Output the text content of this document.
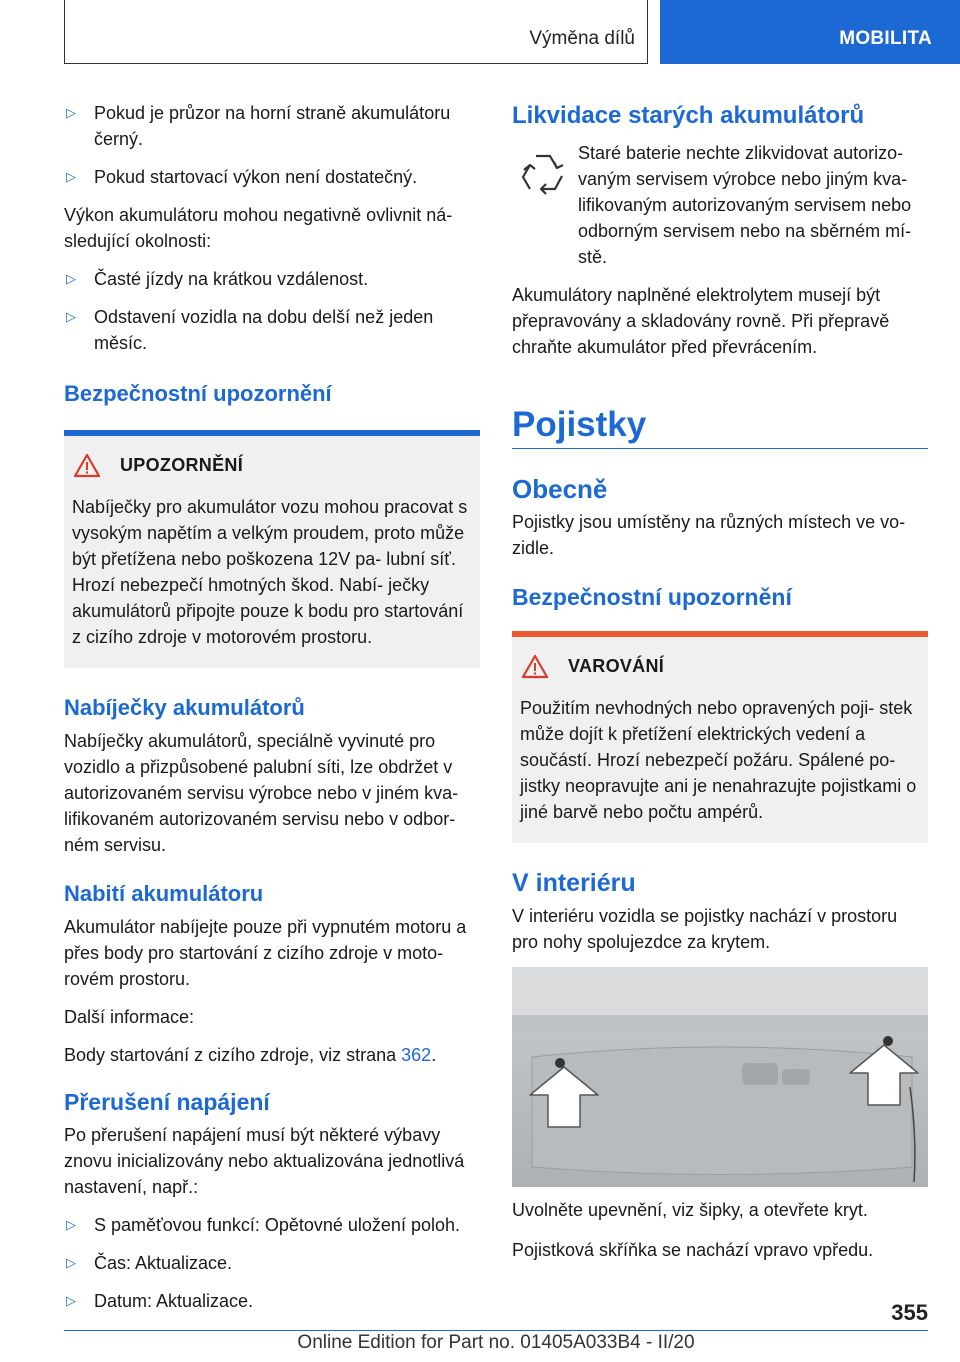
Výměna dílů	MOBILITA
▷ Pokud je průzor na horní straně akumulátoru černý.
▷ Pokud startovací výkon není dostatečný.

Výkon akumulátoru mohou negativně ovlivnit ná‐ sledující okolnosti:

▷ Časté jízdy na krátkou vzdálenost.
▷ Odstavení vozidla na dobu delší než jeden měsíc.
Bezpečnostní upozornění
UPOZORNĚNÍ

Nabíječky pro akumulátor vozu mohou pracovat s vysokým napětím a velkým proudem, proto může být přetížena nebo poškozena 12V pa‐ lubní síť. Hrozí nebezpečí hmotných škod. Nabí‐ ječky akumulátorů připojte pouze k bodu pro startování z cizího zdroje v motorovém prostoru.

Nabíječky akumulátorů

Nabíječky akumulátorů, speciálně vyvinuté pro vozidlo a přizpůsobené palubní síti, lze obdržet v autorizovaném servisu výrobce nebo v jiném kva‐ lifikovaném autorizovaném servisu nebo v odbor‐ ném servisu.

Nabití akumulátoru

Akumulátor nabíjejte pouze při vypnutém motoru a přes body pro startování z cizího zdroje v moto‐ rovém prostoru.

Další informace:

Body startování z cizího zdroje, viz strana 362.

Přerušení napájení

Po přerušení napájení musí být některé výbavy znovu inicializovány nebo aktualizována jednotlivá nastavení, např.:

▷ S paměťovou funkcí: Opětovné uložení poloh.
▷ Čas: Aktualizace.
▷ Datum: Aktualizace.
Likvidace starých akumulátorů

Staré baterie nechte zlikvidovat autorizo‐ vaným servisem výrobce nebo jiným kva‐ lifikovaným autorizovaným servisem nebo odborným servisem nebo na sběrném mí‐ stě.

Akumulátory naplněné elektrolytem musejí být přepravovány a skladovány rovně. Při přepravě chraňte akumulátor před převrácením.

Pojistky
Obecně

Pojistky jsou umístěny na různých místech ve vo‐ zidle.

Bezpečnostní upozornění
VAROVÁNÍ

Použitím nevhodných nebo opravených poji‐ stek může dojít k přetížení elektrických vedení a součástí. Hrozí nebezpečí požáru. Spálené po‐ jistky neopravujte ani je nenahrazujte pojistkami o jiné barvě nebo počtu ampérů.

V interiéru

V interiéru vozidla se pojistky nachází v prostoru pro nohy spolujezdce za krytem.

Uvolněte upevnění, viz šipky, a otevřete kryt.

Pojistková skříňka se nachází vpravo vpředu.

355
Online Edition for Part no. 01405A033B4 - II/20
